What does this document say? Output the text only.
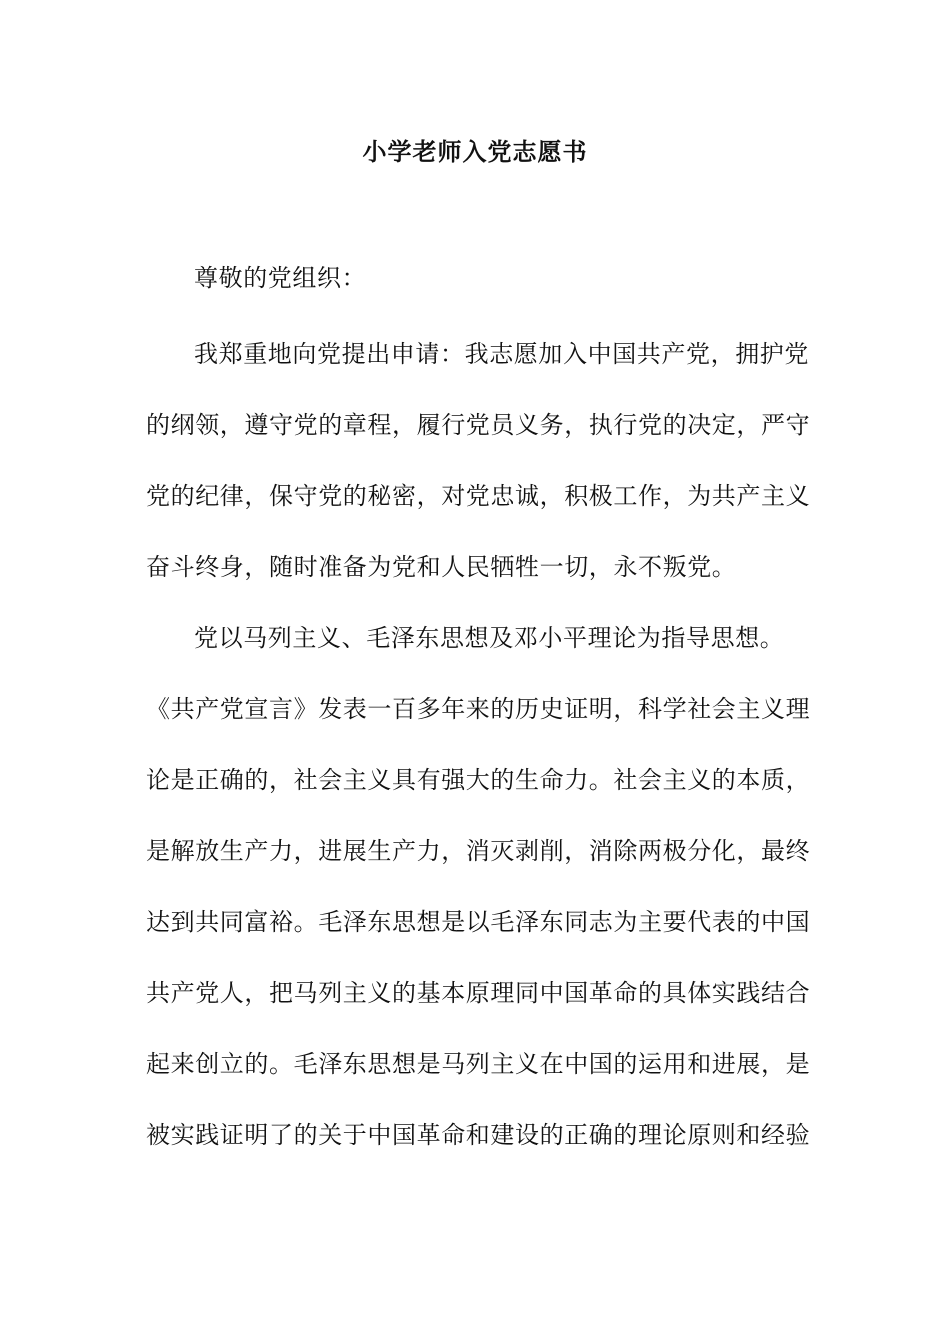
小学老师入党志愿书
尊敬的党组织：
我郑重地向党提出申请：我志愿加入中国共产党，拥护党
的纲领，遵守党的章程，履行党员义务，执行党的决定，严守
党的纪律，保守党的秘密，对党忠诚，积极工作，为共产主义
奋斗终身，随时准备为党和人民牺牲一切，永不叛党。
党以马列主义、毛泽东思想及邓小平理论为指导思想。
《共产党宣言》发表一百多年来的历史证明，科学社会主义理
论是正确的，社会主义具有强大的生命力。社会主义的本质，
是解放生产力，进展生产力，消灭剥削，消除两极分化，最终
达到共同富裕。毛泽东思想是以毛泽东同志为主要代表的中国
共产党人，把马列主义的基本原理同中国革命的具体实践结合
起来创立的。毛泽东思想是马列主义在中国的运用和进展，是
被实践证明了的关于中国革命和建设的正确的理论原则和经验
